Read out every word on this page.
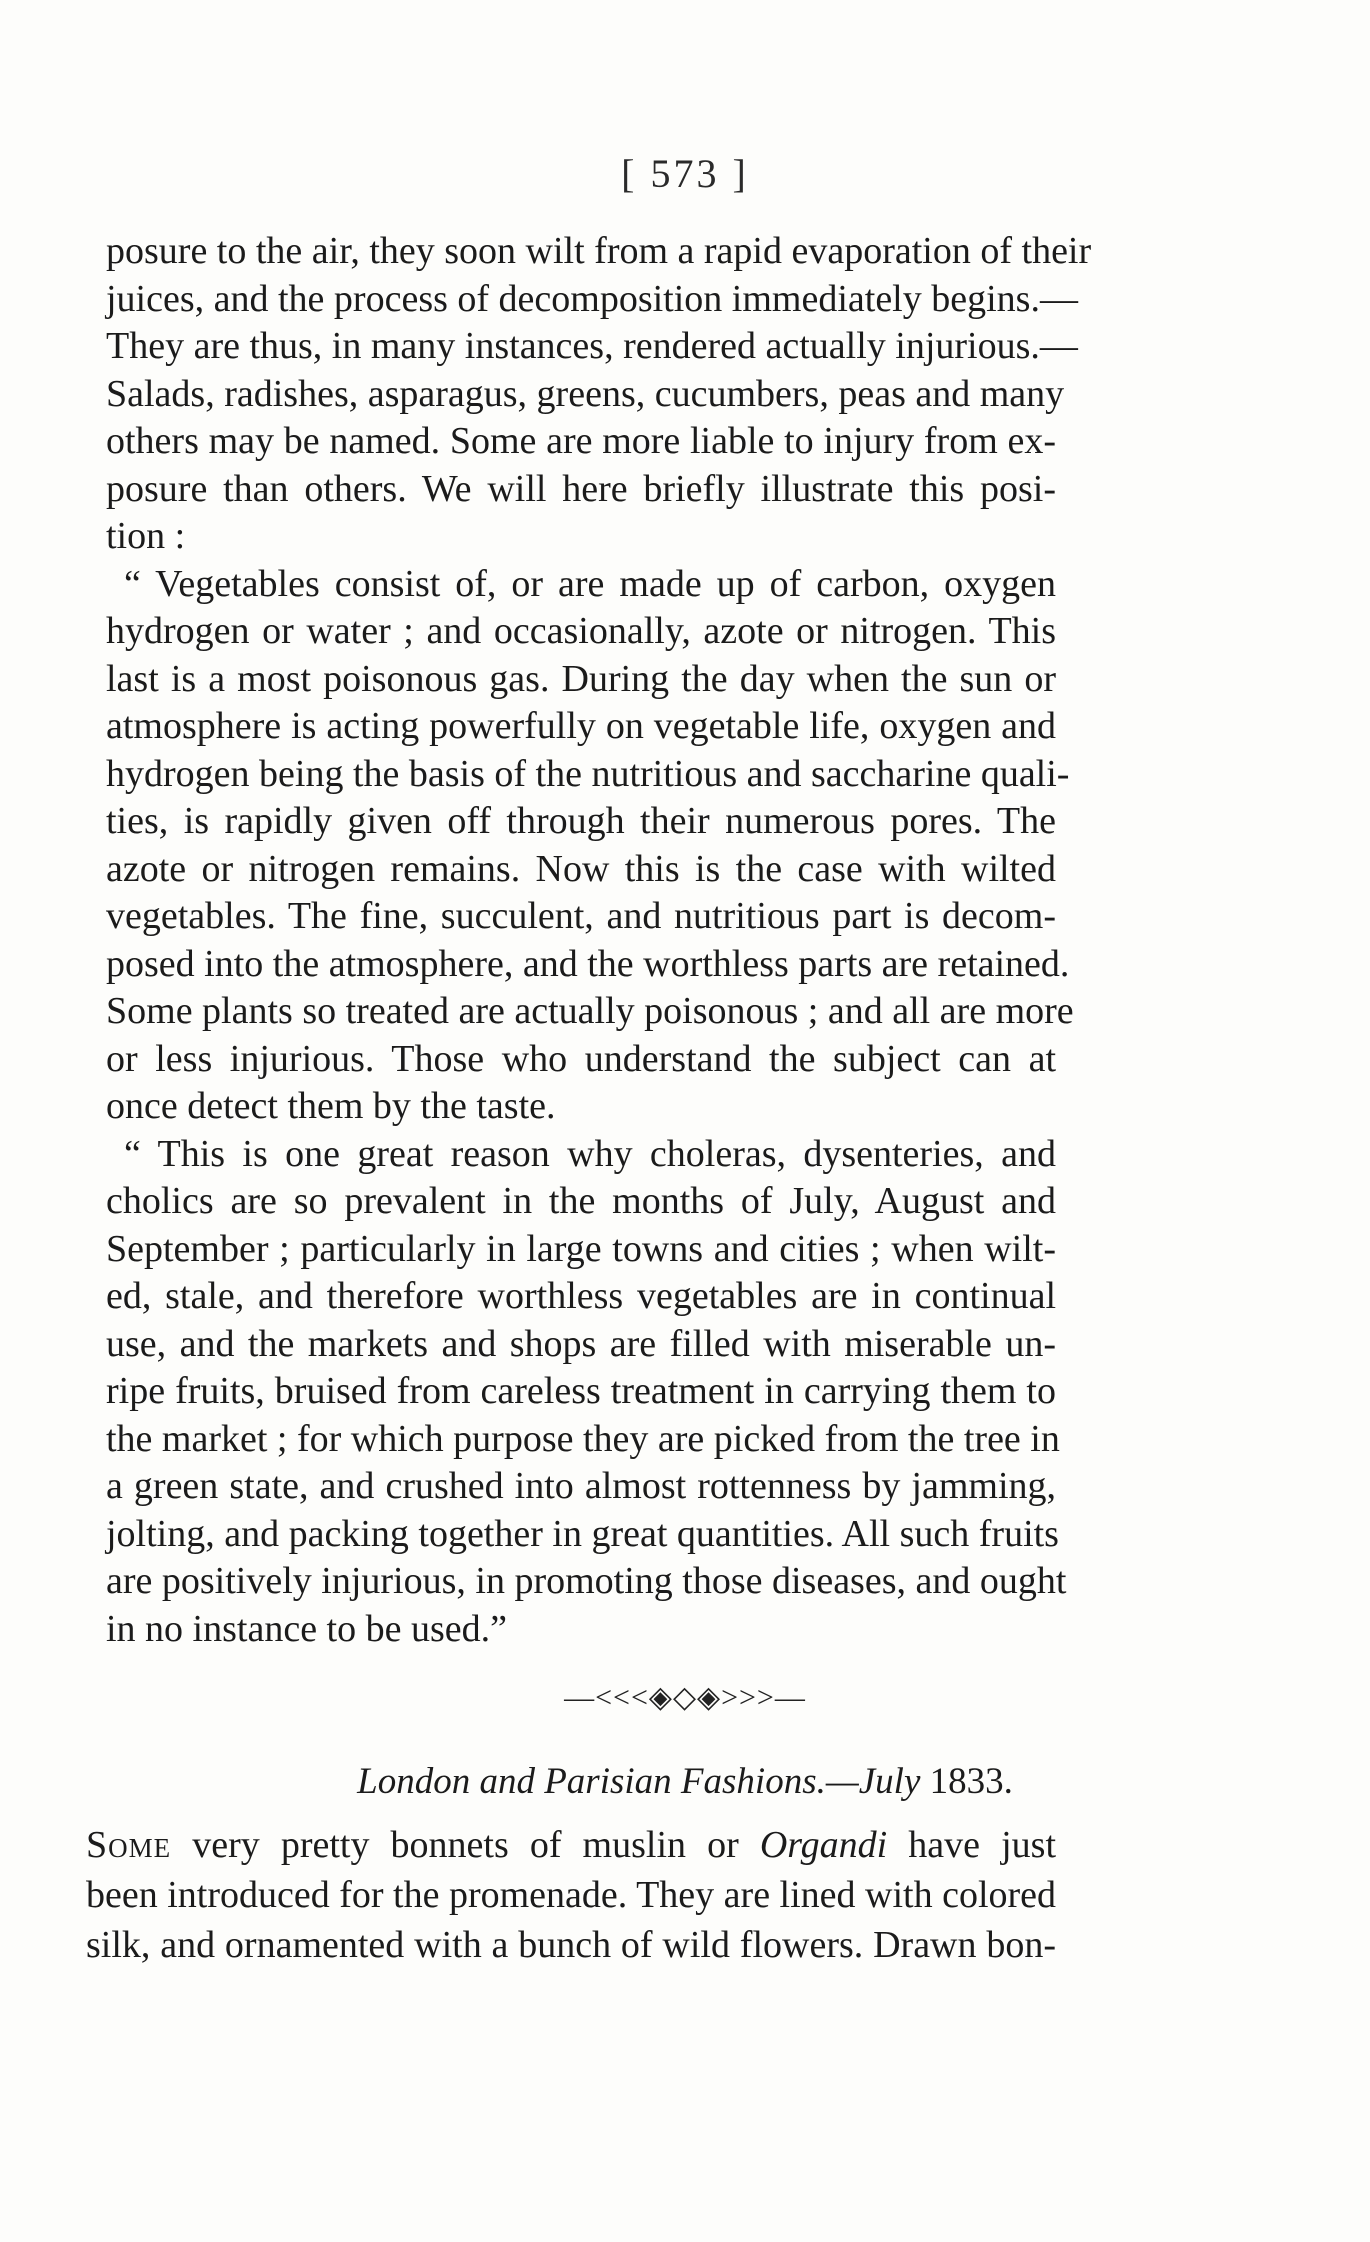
[ 573 ]
posure to the air, they soon wilt from a rapid evaporation of their
juices, and the process of decomposition immediately begins.—
They are thus, in many instances, rendered actually injurious.—
Salads, radishes, asparagus, greens, cucumbers, peas and many
others may be named. Some are more liable to injury from ex-
posure than others. We will here briefly illustrate this posi-
tion :
“ Vegetables consist of, or are made up of carbon, oxygen
hydrogen or water ; and occasionally, azote or nitrogen. This
last is a most poisonous gas. During the day when the sun or
atmosphere is acting powerfully on vegetable life, oxygen and
hydrogen being the basis of the nutritious and saccharine quali-
ties, is rapidly given off through their numerous pores. The
azote or nitrogen remains. Now this is the case with wilted
vegetables. The fine, succulent, and nutritious part is decom-
posed into the atmosphere, and the worthless parts are retained.
Some plants so treated are actually poisonous ; and all are more
or less injurious. Those who understand the subject can at
once detect them by the taste.
“ This is one great reason why choleras, dysenteries, and
cholics are so prevalent in the months of July, August and
September ; particularly in large towns and cities ; when wilt-
ed, stale, and therefore worthless vegetables are in continual
use, and the markets and shops are filled with miserable un-
ripe fruits, bruised from careless treatment in carrying them to
the market ; for which purpose they are picked from the tree in
a green state, and crushed into almost rottenness by jamming,
jolting, and packing together in great quantities. All such fruits
are positively injurious, in promoting those diseases, and ought
in no instance to be used.”
—<<<◈◇◈>>>—
London and Parisian Fashions.—July 1833.
Some very pretty bonnets of muslin or Organdi have just
been introduced for the promenade. They are lined with colored
silk, and ornamented with a bunch of wild flowers. Drawn bon-
